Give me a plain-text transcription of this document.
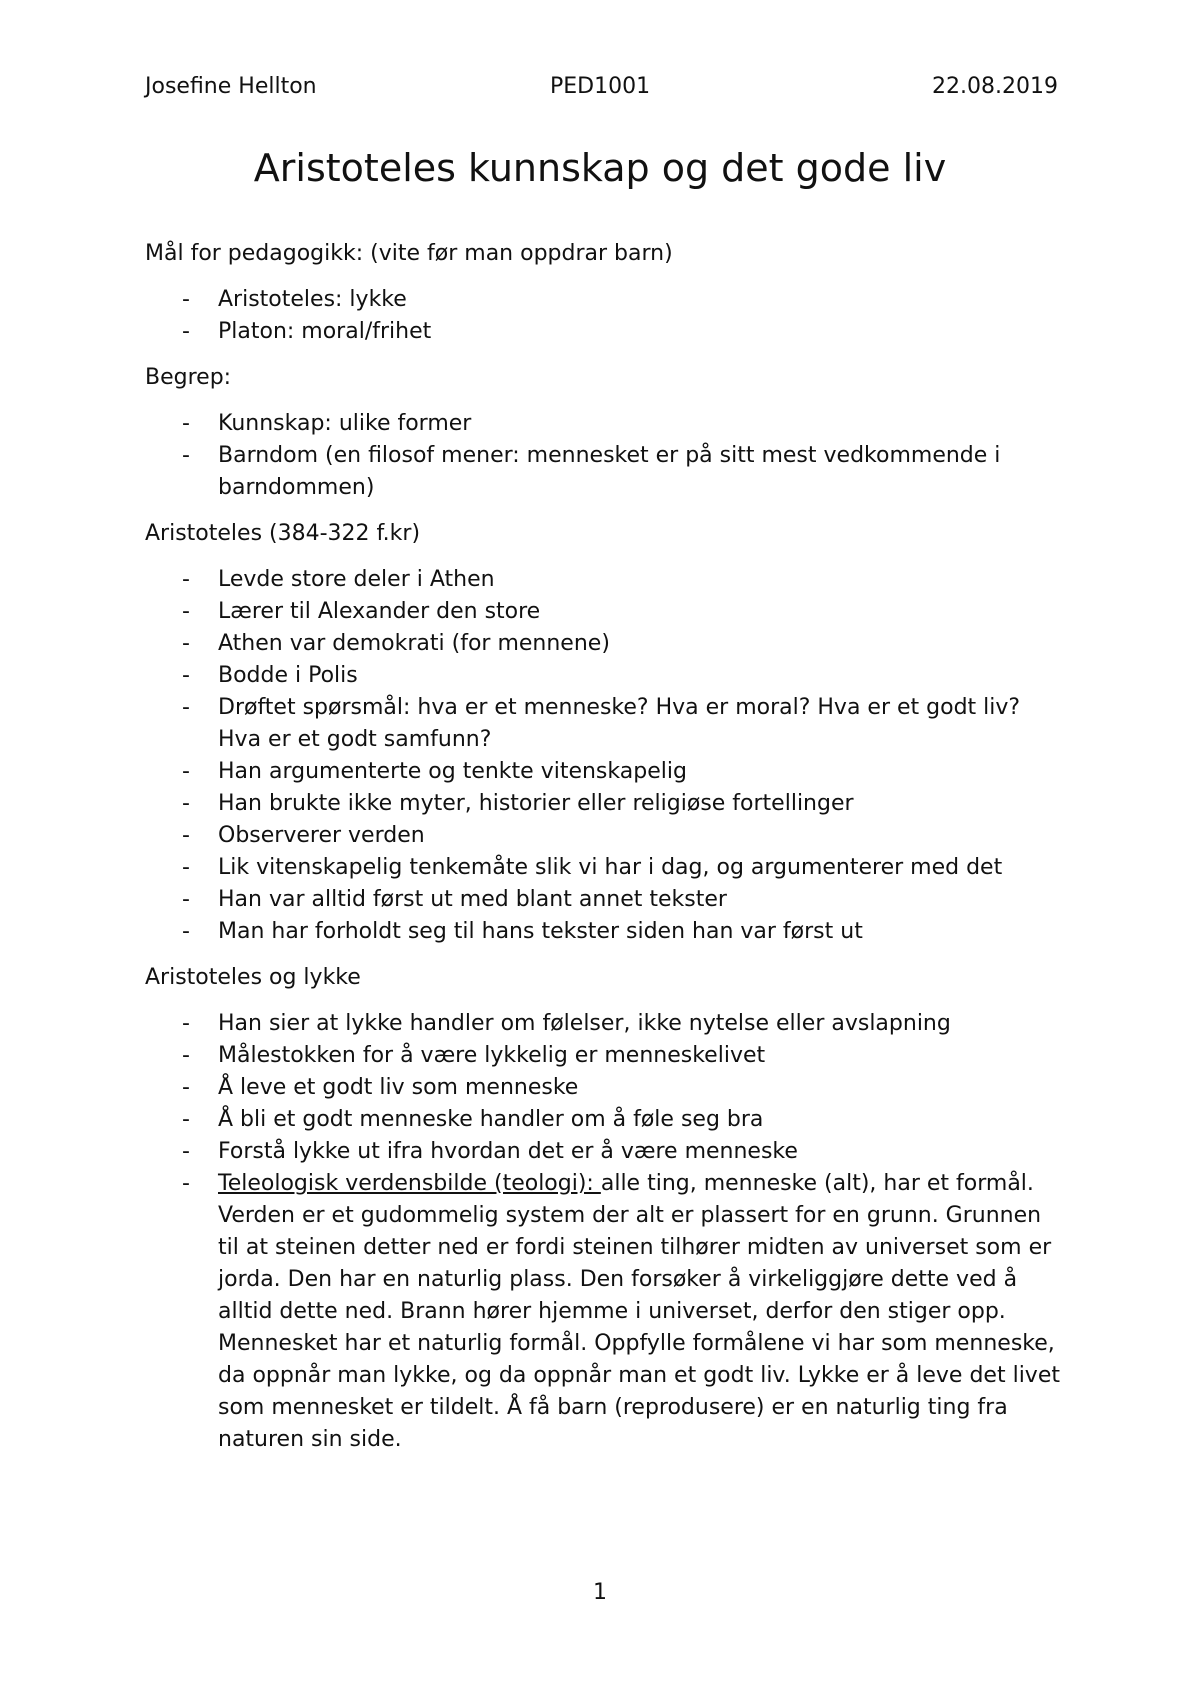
Josefine Hellton	PED1001	22.08.2019
Aristoteles kunnskap og det gode liv

Mål for pedagogikk: (vite før man oppdrar barn)

- Aristoteles: lykke
- Platon: moral/frihet

Begrep:

- Kunnskap: ulike former
- Barndom (en filosof mener: mennesket er på sitt mest vedkommende i barndommen)

Aristoteles (384-322 f.kr)

- Levde store deler i Athen
- Lærer til Alexander den store
- Athen var demokrati (for mennene)
- Bodde i Polis
- Drøftet spørsmål: hva er et menneske? Hva er moral? Hva er et godt liv? Hva er et godt samfunn?
- Han argumenterte og tenkte vitenskapelig
- Han brukte ikke myter, historier eller religiøse fortellinger
- Observerer verden
- Lik vitenskapelig tenkemåte slik vi har i dag, og argumenterer med det
- Han var alltid først ut med blant annet tekster
- Man har forholdt seg til hans tekster siden han var først ut

Aristoteles og lykke

- Han sier at lykke handler om følelser, ikke nytelse eller avslapning
- Målestokken for å være lykkelig er menneskelivet
- Å leve et godt liv som menneske
- Å bli et godt menneske handler om å føle seg bra
- Forstå lykke ut ifra hvordan det er å være menneske
- Teleologisk verdensbilde (teologi): alle ting, menneske (alt), har et formål. Verden er et gudommelig system der alt er plassert for en grunn. Grunnen til at steinen detter ned er fordi steinen tilhører midten av universet som er jorda. Den har en naturlig plass. Den forsøker å virkeliggjøre dette ved å alltid dette ned. Brann hører hjemme i universet, derfor den stiger opp. Mennesket har et naturlig formål. Oppfylle formålene vi har som menneske, da oppnår man lykke, og da oppnår man et godt liv. Lykke er å leve det livet som mennesket er tildelt. Å få barn (reprodusere) er en naturlig ting fra naturen sin side.
1
